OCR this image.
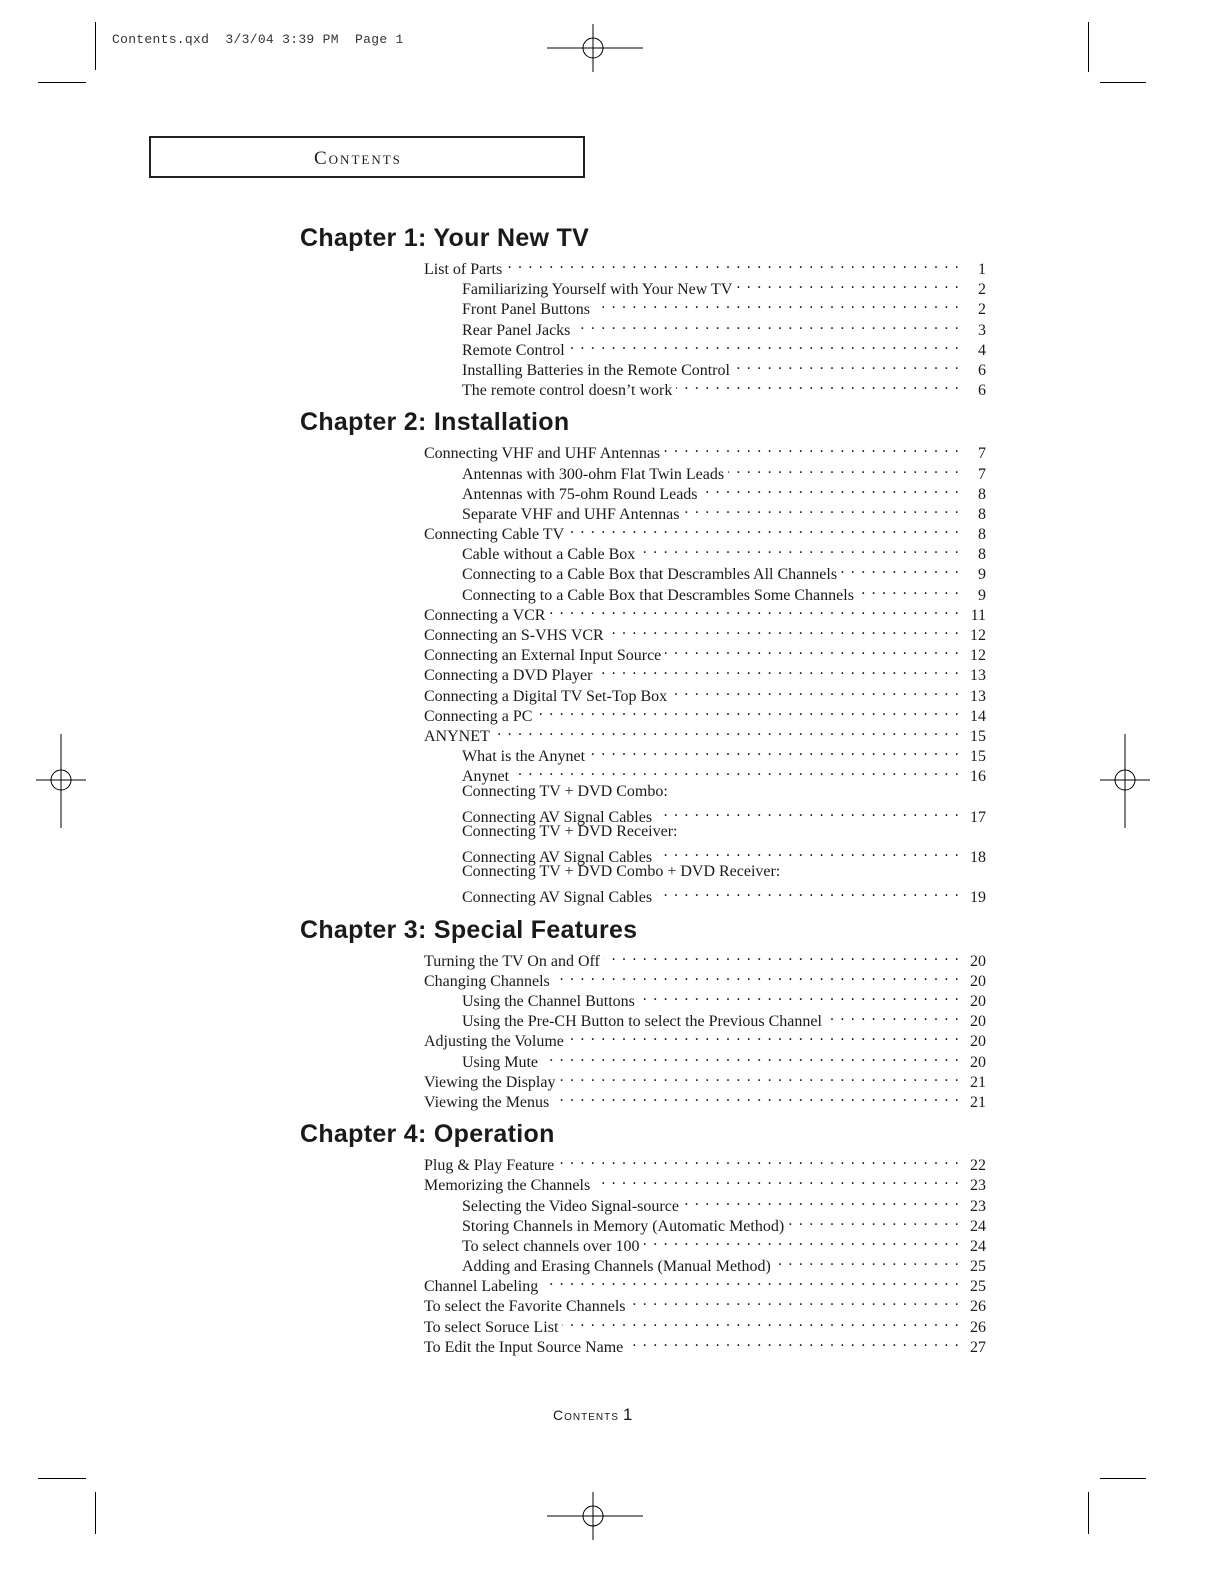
Contents.qxd  3/3/04 3:39 PM  Page 1
Contents
Chapter 1: Your New TV
List of Parts . . .	1
Familiarizing Yourself with Your New TV . . .	2
Front Panel Buttons . . .	2
Rear Panel Jacks . . .	3
Remote Control . . .	4
Installing Batteries in the Remote Control . . .	6
The remote control doesn’t work . . .	6
Chapter 2: Installation
Connecting VHF and UHF Antennas . . .	7
Antennas with 300-ohm Flat Twin Leads . . .	7
Antennas with 75-ohm Round Leads . . .	8
Separate VHF and UHF Antennas . . .	8
Connecting Cable TV . . .	8
Cable without a Cable Box . . .	8
Connecting to a Cable Box that Descrambles All Channels . . .	9
Connecting to a Cable Box that Descrambles Some Channels . . .	9
Connecting a VCR . . .	11
Connecting an S-VHS VCR . . .	12
Connecting an External Input Source . . .	12
Connecting a DVD Player . . .	13
Connecting a Digital TV Set-Top Box . . .	13
Connecting a PC . . .	14
ANYNET . . .	15
What is the Anynet . . .	15
Anynet . . .	16
Connecting TV + DVD Combo:
Connecting AV Signal Cables . . .	17
Connecting TV + DVD Receiver:
Connecting AV Signal Cables . . .	18
Connecting TV + DVD Combo + DVD Receiver:
Connecting AV Signal Cables . . .	19
Chapter 3: Special Features
Turning the TV On and Off . . .	20
Changing Channels . . .	20
Using the Channel Buttons . . .	20
Using the Pre-CH Button to select the Previous Channel . . .	20
Adjusting the Volume . . .	20
Using Mute . . .	20
Viewing the Display . . .	21
Viewing the Menus . . .	21
Chapter 4: Operation
Plug & Play Feature . . .	22
Memorizing the Channels . . .	23
Selecting the Video Signal-source . . .	23
Storing Channels in Memory (Automatic Method) . . .	24
To select channels over 100 . . .	24
Adding and Erasing Channels (Manual Method) . . .	25
Channel Labeling . . .	25
To select the Favorite Channels . . .	26
To select Soruce List . . .	26
To Edit the Input Source Name . . .	27
Contents 1
